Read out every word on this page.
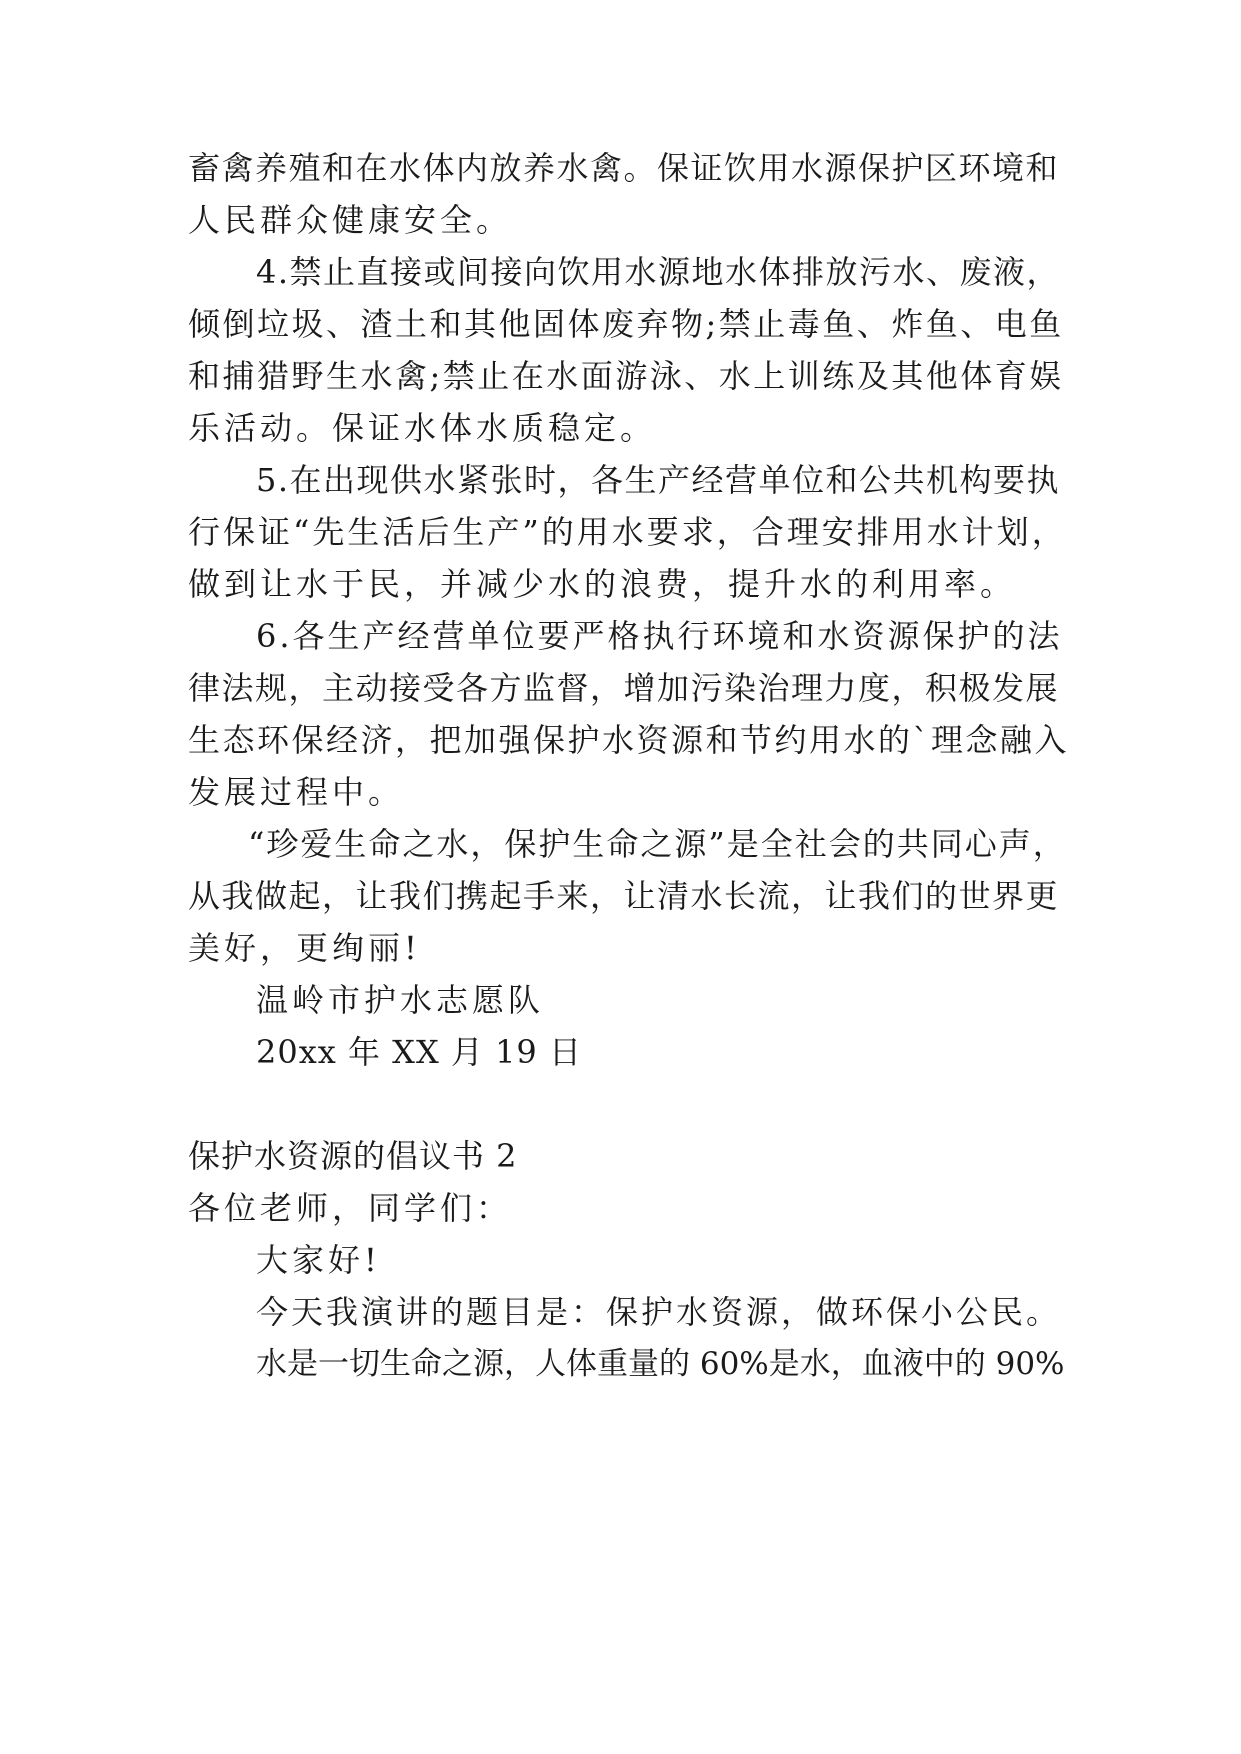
畜禽养殖和在水体内放养水禽。保证饮用水源保护区环境和
人民群众健康安全。
4.禁止直接或间接向饮用水源地水体排放污水、废液，
倾倒垃圾、渣土和其他固体废弃物;禁止毒鱼、炸鱼、电鱼
和捕猎野生水禽;禁止在水面游泳、水上训练及其他体育娱
乐活动。保证水体水质稳定。
5.在出现供水紧张时，各生产经营单位和公共机构要执
行保证“先生活后生产”的用水要求，合理安排用水计划，
做到让水于民，并减少水的浪费，提升水的利用率。
6.各生产经营单位要严格执行环境和水资源保护的法
律法规，主动接受各方监督，增加污染治理力度，积极发展
生态环保经济，把加强保护水资源和节约用水的`理念融入
发展过程中。
“珍爱生命之水，保护生命之源”是全社会的共同心声，
从我做起，让我们携起手来，让清水长流，让我们的世界更
美好，更绚丽!
温岭市护水志愿队
20xx 年 XX 月 19 日
保护水资源的倡议书 2
各位老师，同学们：
大家好!
今天我演讲的题目是：保护水资源，做环保小公民。
水是一切生命之源，人体重量的 60%是水，血液中的 90%
